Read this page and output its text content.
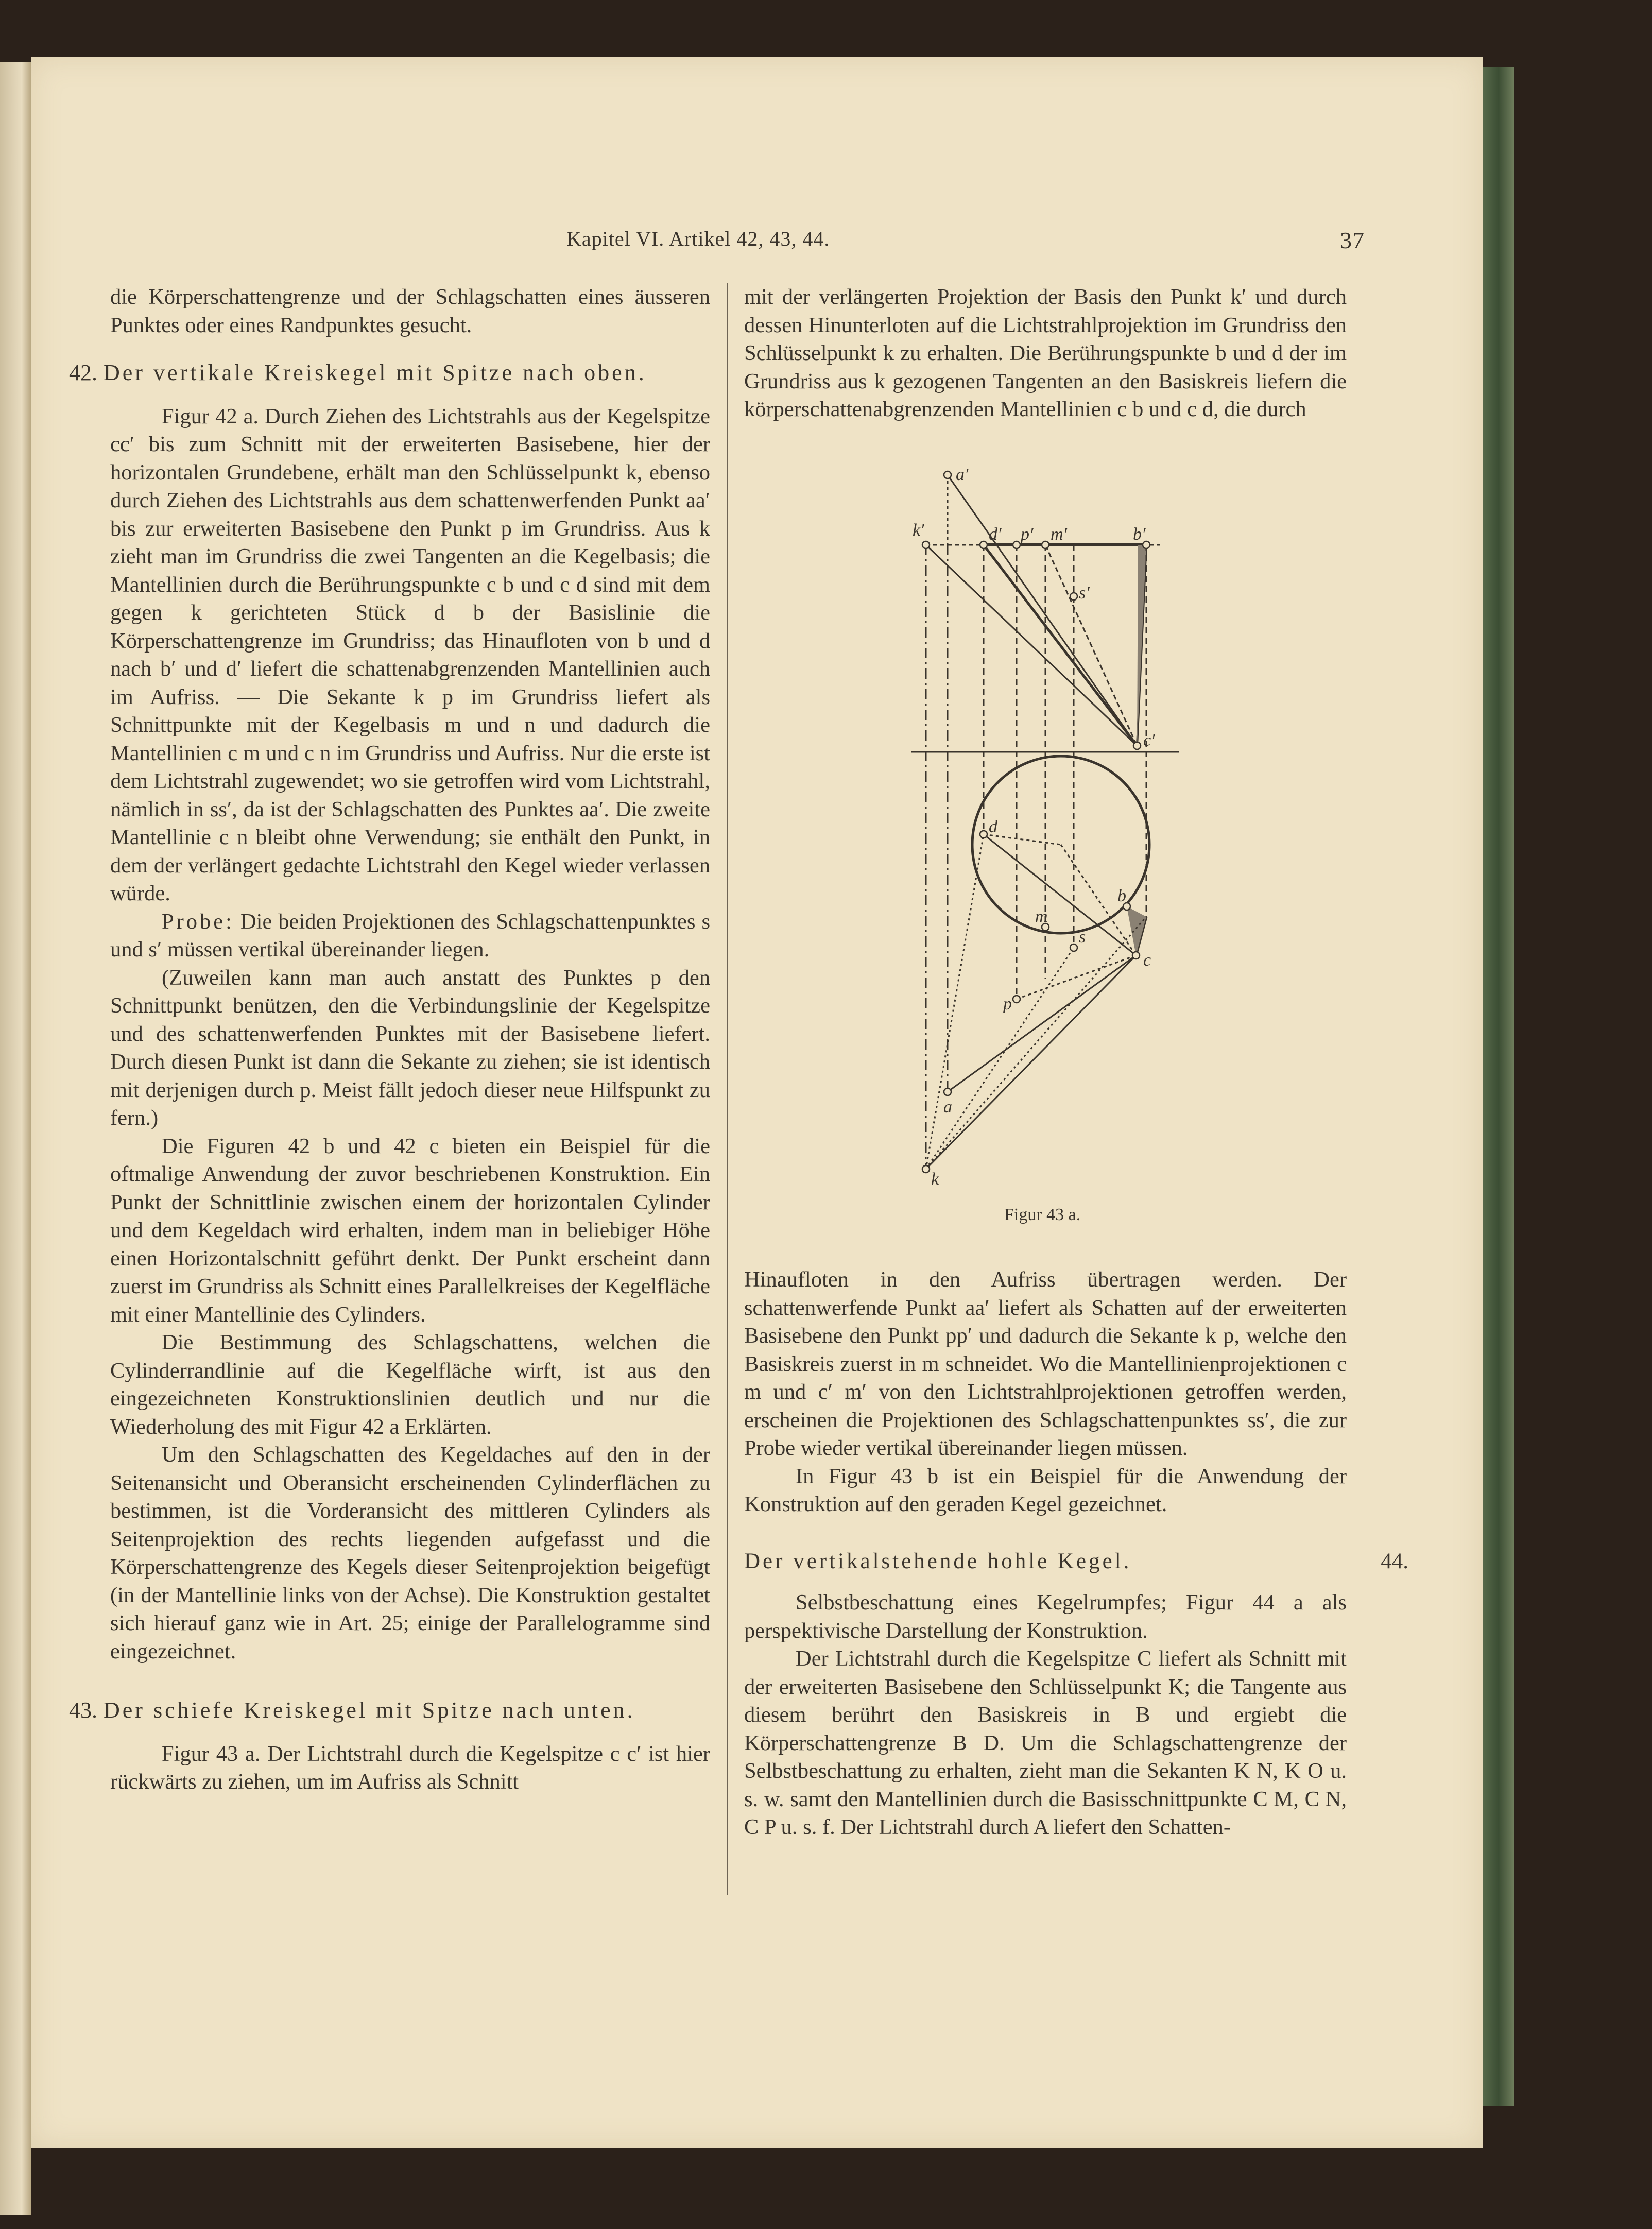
Kapitel VI. Artikel 42, 43, 44.	37

die Körperschattengrenze und der Schlagschatten eines äusseren Punktes oder eines Randpunktes gesucht.

42. Der vertikale Kreiskegel mit Spitze nach oben.

Figur 42 a. Durch Ziehen des Lichtstrahls aus der Kegelspitze cc′ bis zum Schnitt mit der erweiterten Basisebene, hier der horizontalen Grundebene, erhält man den Schlüsselpunkt k, ebenso durch Ziehen des Lichtstrahls aus dem schattenwerfenden Punkt aa′ bis zur erweiterten Basisebene den Punkt p im Grundriss. Aus k zieht man im Grundriss die zwei Tangenten an die Kegelbasis; die Mantellinien durch die Berührungspunkte c b und c d sind mit dem gegen k gerichteten Stück d b der Basislinie die Körperschattengrenze im Grundriss; das Hinaufloten von b und d nach b′ und d′ liefert die schattenabgrenzenden Mantellinien auch im Aufriss. — Die Sekante k p im Grundriss liefert als Schnittpunkte mit der Kegelbasis m und n und dadurch die Mantellinien c m und c n im Grundriss und Aufriss. Nur die erste ist dem Lichtstrahl zugewendet; wo sie getroffen wird vom Lichtstrahl, nämlich in ss′, da ist der Schlagschatten des Punktes aa′. Die zweite Mantellinie c n bleibt ohne Verwendung; sie enthält den Punkt, in dem der verlängert gedachte Lichtstrahl den Kegel wieder verlassen würde.

Probe: Die beiden Projektionen des Schlagschattenpunktes s und s′ müssen vertikal übereinander liegen.

(Zuweilen kann man auch anstatt des Punktes p den Schnittpunkt benützen, den die Verbindungslinie der Kegelspitze und des schattenwerfenden Punktes mit der Basisebene liefert. Durch diesen Punkt ist dann die Sekante zu ziehen; sie ist identisch mit derjenigen durch p. Meist fällt jedoch dieser neue Hilfspunkt zu fern.)

Die Figuren 42 b und 42 c bieten ein Beispiel für die oftmalige Anwendung der zuvor beschriebenen Konstruktion. Ein Punkt der Schnittlinie zwischen einem der horizontalen Cylinder und dem Kegeldach wird erhalten, indem man in beliebiger Höhe einen Horizontalschnitt geführt denkt. Der Punkt erscheint dann zuerst im Grundriss als Schnitt eines Parallelkreises der Kegelfläche mit einer Mantellinie des Cylinders.

Die Bestimmung des Schlagschattens, welchen die Cylinderrandlinie auf die Kegelfläche wirft, ist aus den eingezeichneten Konstruktionslinien deutlich und nur die Wiederholung des mit Figur 42 a Erklärten.

Um den Schlagschatten des Kegeldaches auf den in der Seitenansicht und Oberansicht erscheinenden Cylinderflächen zu bestimmen, ist die Vorderansicht des mittleren Cylinders als Seitenprojektion des rechts liegenden aufgefasst und die Körperschattengrenze des Kegels dieser Seitenprojektion beigefügt (in der Mantellinie links von der Achse). Die Konstruktion gestaltet sich hierauf ganz wie in Art. 25; einige der Parallelogramme sind eingezeichnet.

43. Der schiefe Kreiskegel mit Spitze nach unten.

Figur 43 a. Der Lichtstrahl durch die Kegelspitze c c′ ist hier rückwärts zu ziehen, um im Aufriss als Schnitt

mit der verlängerten Projektion der Basis den Punkt k′ und durch dessen Hinunterloten auf die Lichtstrahlprojektion im Grundriss den Schlüsselpunkt k zu erhalten. Die Berührungspunkte b und d der im Grundriss aus k gezogenen Tangenten an den Basiskreis liefern die körperschattenabgrenzenden Mantellinien c b und c d, die durch

a′
k′	d′ p′ m′	b′
s′
c′
d
b
m
s
c
p
a
k
Figur 43 a.

Hinaufloten in den Aufriss übertragen werden. Der schattenwerfende Punkt aa′ liefert als Schatten auf der erweiterten Basisebene den Punkt pp′ und dadurch die Sekante k p, welche den Basiskreis zuerst in m schneidet. Wo die Mantellinienprojektionen c m und c′ m′ von den Lichtstrahlprojektionen getroffen werden, erscheinen die Projektionen des Schlagschattenpunktes ss′, die zur Probe wieder vertikal übereinander liegen müssen.

In Figur 43 b ist ein Beispiel für die Anwendung der Konstruktion auf den geraden Kegel gezeichnet.

Der vertikalstehende hohle Kegel.	44.

Selbstbeschattung eines Kegelrumpfes; Figur 44 a als perspektivische Darstellung der Konstruktion.

Der Lichtstrahl durch die Kegelspitze C liefert als Schnitt mit der erweiterten Basisebene den Schlüsselpunkt K; die Tangente aus diesem berührt den Basiskreis in B und ergiebt die Körperschattengrenze B D. Um die Schlagschattengrenze der Selbstbeschattung zu erhalten, zieht man die Sekanten K N, K O u. s. w. samt den Mantellinien durch die Basisschnittpunkte C M, C N, C P u. s. f. Der Lichtstrahl durch A liefert den Schatten-
